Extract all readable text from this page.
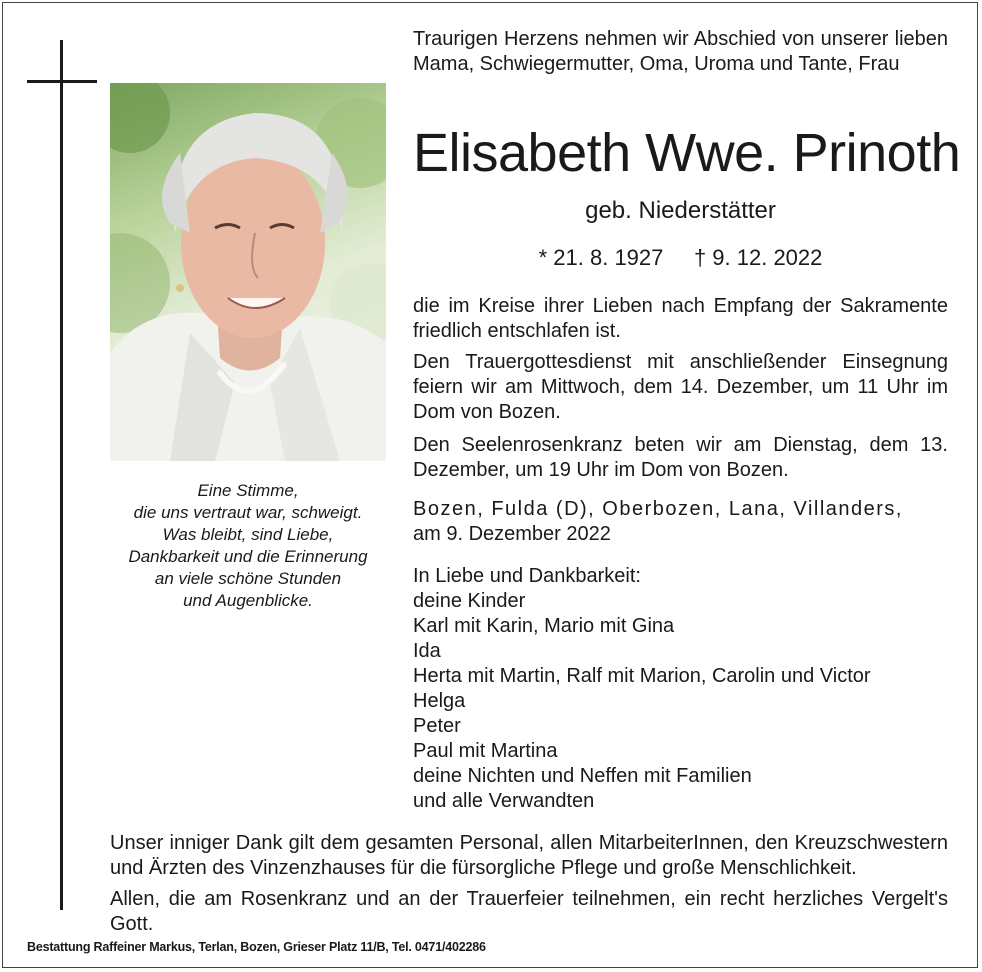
Eine Stimme,
die uns vertraut war, schweigt.
Was bleibt, sind Liebe,
Dankbarkeit und die Erinnerung
an viele schöne Stunden
und Augenblicke.
Traurigen Herzens nehmen wir Abschied von unserer lieben Mama, Schwiegermutter, Oma, Uroma und Tante, Frau
Elisabeth Wwe. Prinoth
geb. Niederstätter
* 21. 8. 1927     † 9. 12. 2022
die im Kreise ihrer Lieben nach Empfang der Sakramente friedlich entschlafen ist.
Den Trauergottesdienst mit anschließender Einsegnung feiern wir am Mittwoch, dem 14. Dezember, um 11 Uhr im Dom von Bozen.
Den Seelenrosenkranz beten wir am Dienstag, dem 13. Dezember, um 19 Uhr im Dom von Bozen.
Bozen, Fulda (D), Oberbozen, Lana, Villanders,
am 9. Dezember 2022
In Liebe und Dankbarkeit:
deine Kinder
Karl mit Karin, Mario mit Gina
Ida
Herta mit Martin, Ralf mit Marion, Carolin und Victor
Helga
Peter
Paul mit Martina
deine Nichten und Neffen mit Familien
und alle Verwandten
Unser inniger Dank gilt dem gesamten Personal, allen MitarbeiterInnen, den Kreuzschwestern und Ärzten des Vinzenzhauses für die fürsorgliche Pflege und große Menschlichkeit.
Allen, die am Rosenkranz und an der Trauerfeier teilnehmen, ein recht herzliches Vergelt's Gott.
Bestattung Raffeiner Markus, Terlan, Bozen, Grieser Platz 11/B, Tel. 0471/402286
